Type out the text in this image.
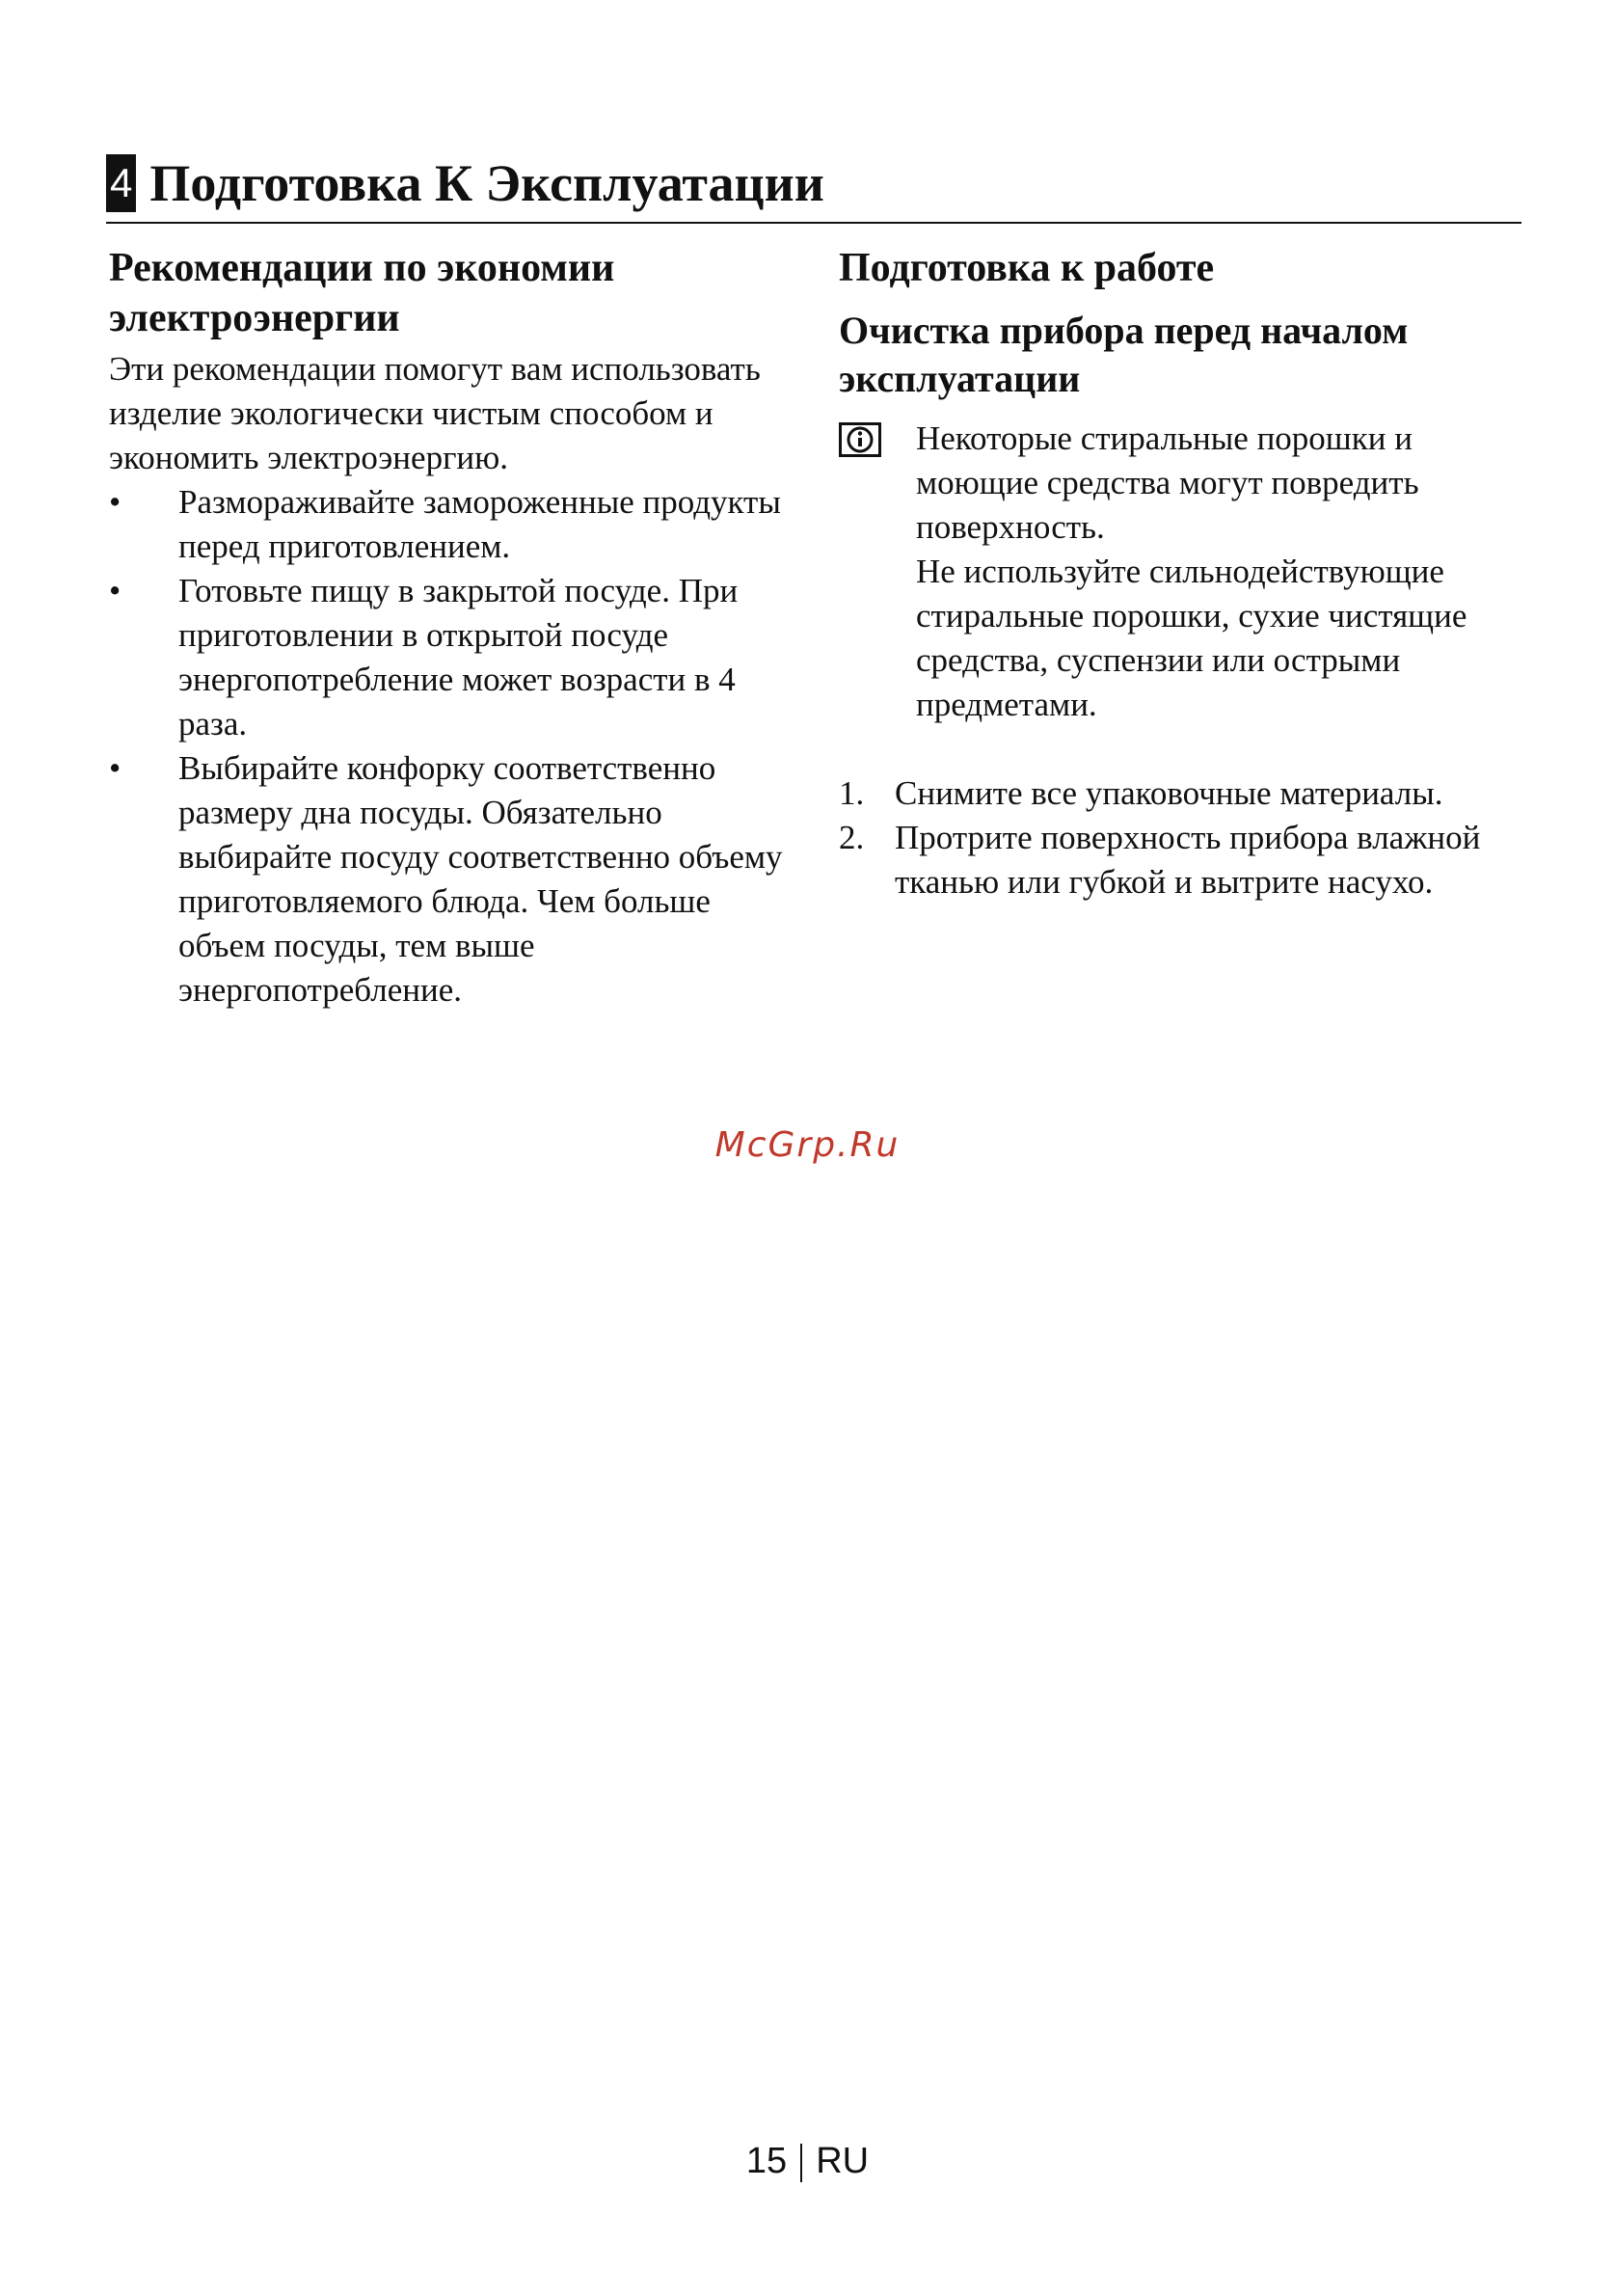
4 Подготовка К Эксплуатации
Рекомендации по экономии электроэнергии

Эти рекомендации помогут вам использовать изделие экологически чистым способом и экономить электроэнергию.

• Размораживайте замороженные продукты перед приготовлением.
• Готовьте пищу в закрытой посуде. При приготовлении в открытой посуде энергопотребление может возрасти в 4 раза.
• Выбирайте конфорку соответственно размеру дна посуды. Обязательно выбирайте посуду соответственно объему приготовляемого блюда. Чем больше объем посуды, тем выше энергопотребление.
Подготовка к работе
Очистка прибора перед началом эксплуатации

Некоторые стиральные порошки и моющие средства могут повредить поверхность.

Не используйте сильнодействующие стиральные порошки, сухие чистящие средства, суспензии или острыми предметами.

1. Снимите все упаковочные материалы.
2. Протрите поверхность прибора влажной тканью или губкой и вытрите насухо.
McGrp.Ru
15 RU
